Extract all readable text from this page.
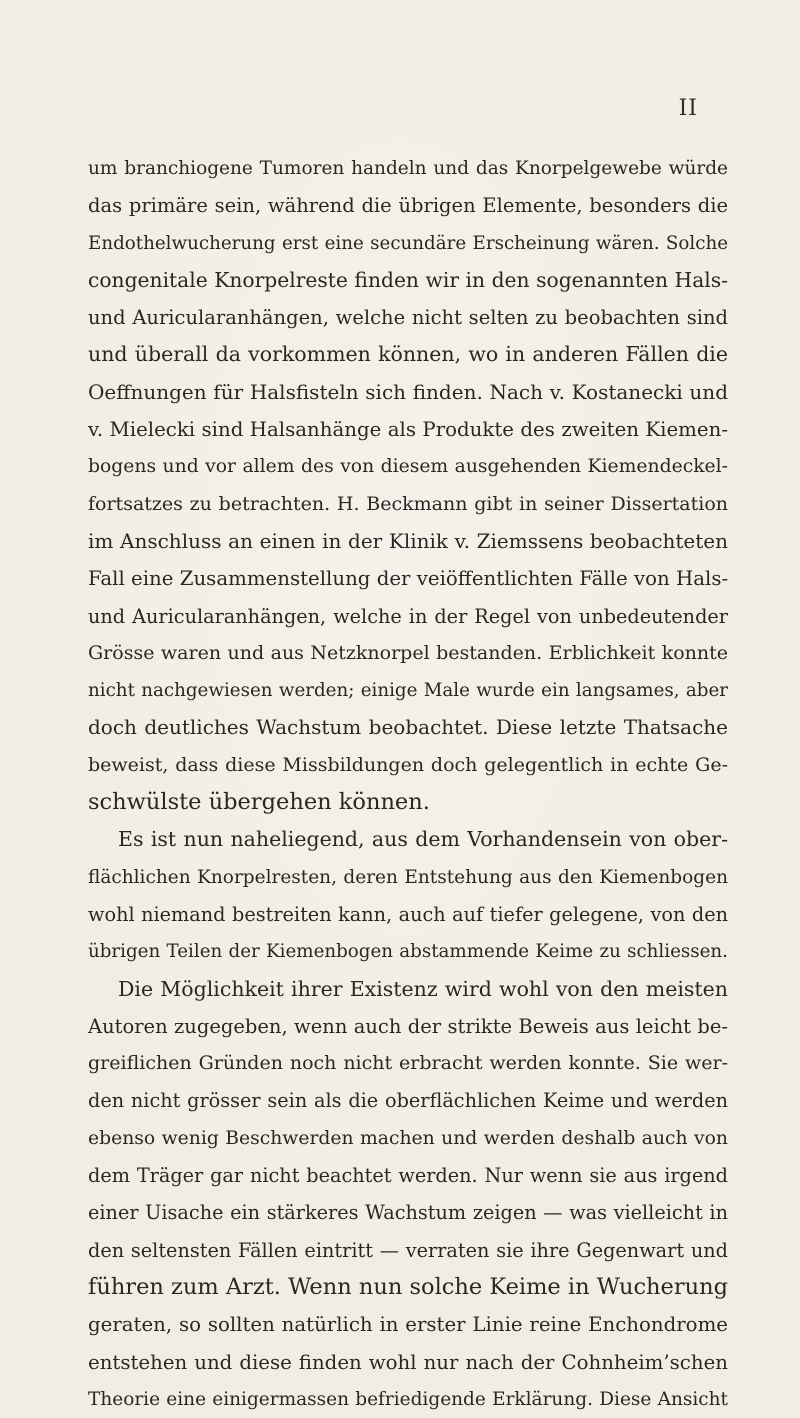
II
um branchiogene Tumoren handeln und das Knorpelgewebe würde
das primäre sein, während die übrigen Elemente, besonders die
Endothelwucherung erst eine secundäre Erscheinung wären. Solche
congenitale Knorpelreste finden wir in den sogenannten Hals-
und Auricularanhängen, welche nicht selten zu beobachten sind
und überall da vorkommen können, wo in anderen Fällen die
Oeffnungen für Halsfisteln sich finden. Nach v. Kostanecki und
v. Mielecki sind Halsanhänge als Produkte des zweiten Kiemen-
bogens und vor allem des von diesem ausgehenden Kiemendeckel-
fortsatzes zu betrachten. H. Beckmann gibt in seiner Dissertation
im Anschluss an einen in der Klinik v. Ziemssens beobachteten
Fall eine Zusammenstellung der veiöffentlichten Fälle von Hals-
und Auricularanhängen, welche in der Regel von unbedeutender
Grösse waren und aus Netzknorpel bestanden. Erblichkeit konnte
nicht nachgewiesen werden; einige Male wurde ein langsames, aber
doch deutliches Wachstum beobachtet. Diese letzte Thatsache
beweist, dass diese Missbildungen doch gelegentlich in echte Ge-
schwülste übergehen können.
Es ist nun naheliegend, aus dem Vorhandensein von ober-
flächlichen Knorpelresten, deren Entstehung aus den Kiemenbogen
wohl niemand bestreiten kann, auch auf tiefer gelegene, von den
übrigen Teilen der Kiemenbogen abstammende Keime zu schliessen.
Die Möglichkeit ihrer Existenz wird wohl von den meisten
Autoren zugegeben, wenn auch der strikte Beweis aus leicht be-
greiflichen Gründen noch nicht erbracht werden konnte. Sie wer-
den nicht grösser sein als die oberflächlichen Keime und werden
ebenso wenig Beschwerden machen und werden deshalb auch von
dem Träger gar nicht beachtet werden. Nur wenn sie aus irgend
einer Uisache ein stärkeres Wachstum zeigen — was vielleicht in
den seltensten Fällen eintritt — verraten sie ihre Gegenwart und
führen zum Arzt. Wenn nun solche Keime in Wucherung
geraten, so sollten natürlich in erster Linie reine Enchondrome
entstehen und diese finden wohl nur nach der Cohnheim’schen
Theorie eine einigermassen befriedigende Erklärung. Diese Ansicht
